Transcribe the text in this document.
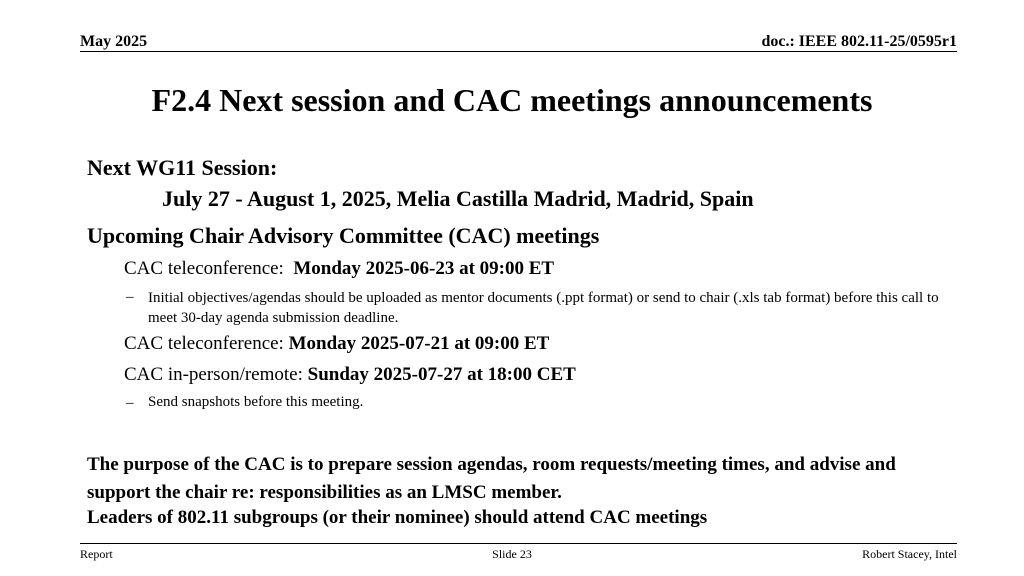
May 2025	doc.: IEEE 802.11-25/0595r1
F2.4 Next session and CAC meetings announcements
Next WG11 Session:
July 27 - August 1, 2025, Melia Castilla Madrid, Madrid, Spain
Upcoming Chair Advisory Committee (CAC) meetings
CAC teleconference: Monday 2025-06-23 at 09:00 ET
– Initial objectives/agendas should be uploaded as mentor documents (.ppt format) or send to chair (.xls tab format) before this call to meet 30-day agenda submission deadline.
CAC teleconference: Monday 2025-07-21 at 09:00 ET
CAC in-person/remote: Sunday 2025-07-27 at 18:00 CET
– Send snapshots before this meeting.
The purpose of the CAC is to prepare session agendas, room requests/meeting times, and advise and support the chair re: responsibilities as an LMSC member.
Leaders of 802.11 subgroups (or their nominee) should attend CAC meetings
Report	Slide 23	Robert Stacey, Intel
